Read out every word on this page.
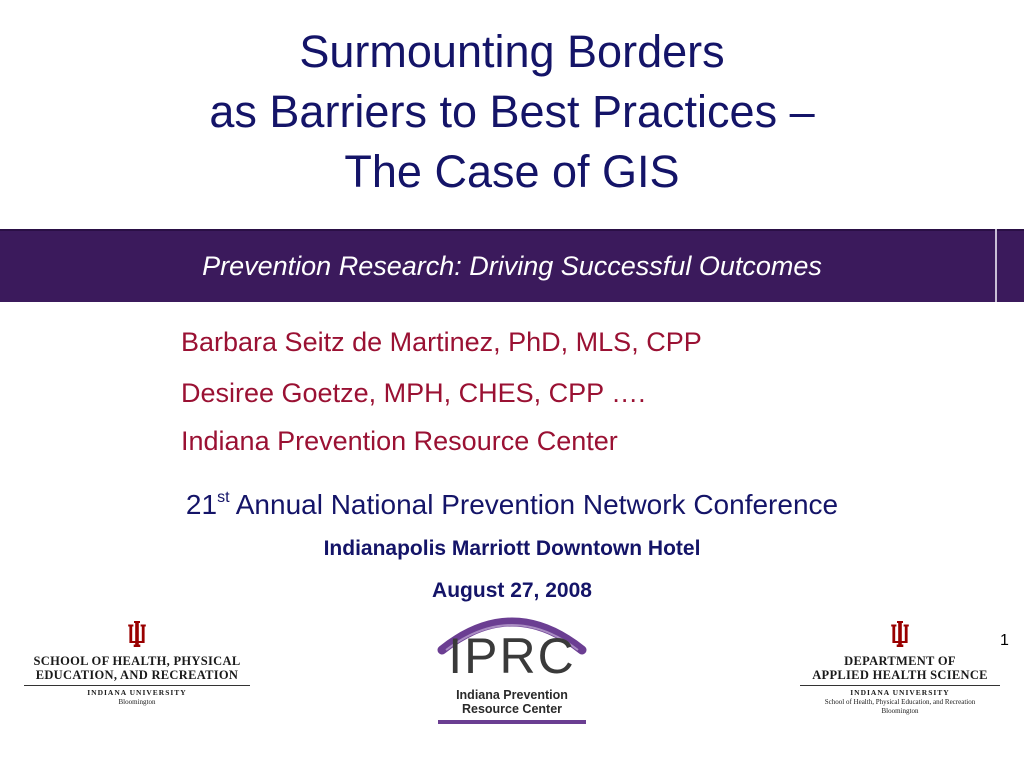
Surmounting Borders
as Barriers to Best Practices –
The Case of GIS
Prevention Research: Driving Successful Outcomes
Barbara Seitz de Martinez, PhD, MLS, CPP
Desiree Goetze, MPH, CHES, CPP ….
Indiana Prevention Resource Center
21st Annual National Prevention Network Conference
Indianapolis Marriott Downtown Hotel
August 27, 2008
1
SCHOOL OF HEALTH, PHYSICAL
EDUCATION, AND RECREATION
INDIANA UNIVERSITY
Bloomington
IPRC
Indiana Prevention
Resource Center
DEPARTMENT OF
APPLIED HEALTH SCIENCE
INDIANA UNIVERSITY
School of Health, Physical Education, and Recreation
Bloomington
